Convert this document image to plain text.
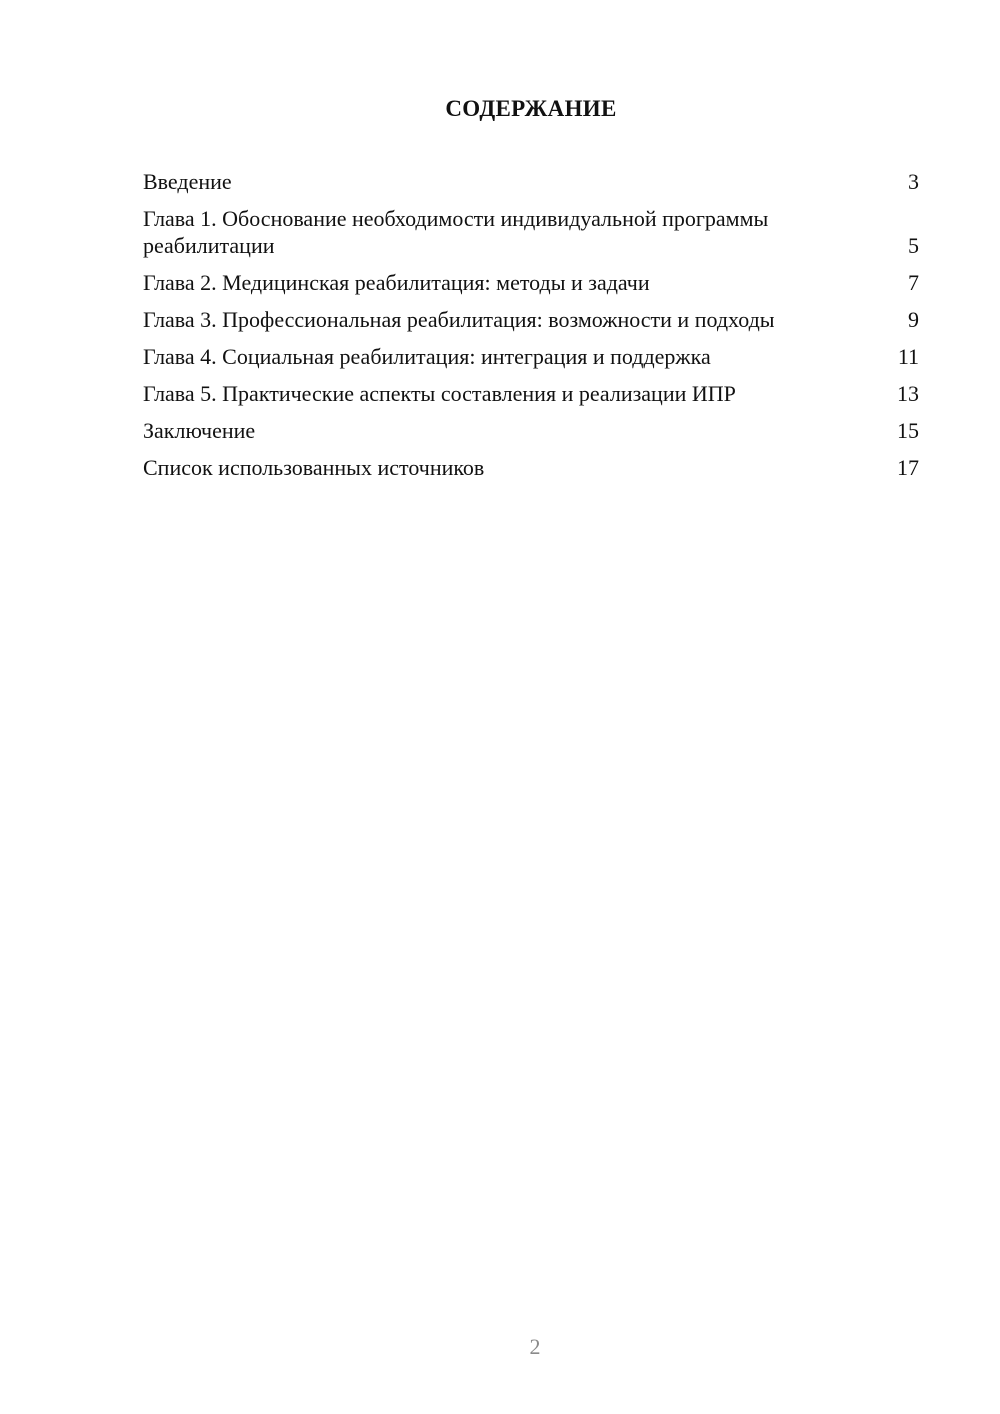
СОДЕРЖАНИЕ
Введение	3
Глава 1. Обоснование необходимости индивидуальной программы реабилитации	5
Глава 2. Медицинская реабилитация: методы и задачи	7
Глава 3. Профессиональная реабилитация: возможности и подходы	9
Глава 4. Социальная реабилитация: интеграция и поддержка	11
Глава 5. Практические аспекты составления и реализации ИПР	13
Заключение	15
Список использованных источников	17
2
